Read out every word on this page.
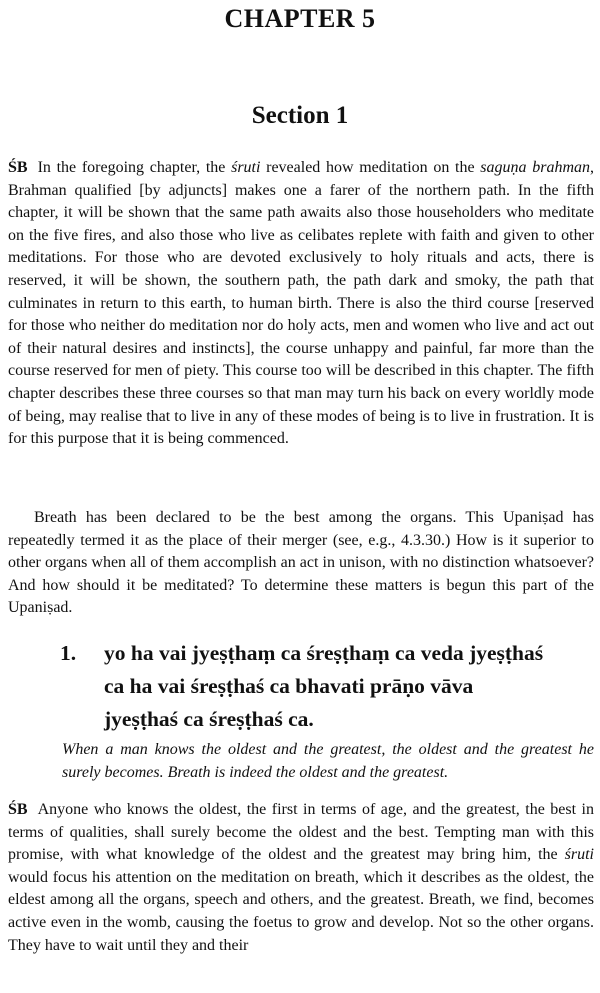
CHAPTER 5
Section 1

ŚB In the foregoing chapter, the śruti revealed how meditation on the saguṇa brahman, Brahman qualified [by adjuncts] makes one a farer of the northern path. In the fifth chapter, it will be shown that the same path awaits also those householders who meditate on the five fires, and also those who live as celibates replete with faith and given to other meditations. For those who are devoted exclusively to holy rituals and acts, there is reserved, it will be shown, the southern path, the path dark and smoky, the path that culminates in return to this earth, to human birth. There is also the third course [reserved for those who neither do meditation nor do holy acts, men and women who live and act out of their natural desires and instincts], the course unhappy and painful, far more than the course reserved for men of piety. This course too will be described in this chapter. The fifth chapter describes these three courses so that man may turn his back on every worldly mode of being, may realise that to live in any of these modes of being is to live in frustration. It is for this purpose that it is being commenced.

Breath has been declared to be the best among the organs. This Upaniṣad has repeatedly termed it as the place of their merger (see, e.g., 4.3.30.) How is it superior to other organs when all of them accomplish an act in unison, with no distinction whatsoever? And how should it be meditated? To determine these matters is begun this part of the Upaniṣad.

1.	yo ha vai jyeṣṭhaṃ ca śreṣṭhaṃ ca veda jyeṣṭhaś
ca ha vai śreṣṭhaś ca bhavati prāṇo vāva
jyeṣṭhaś ca śreṣṭhaś ca.

When a man knows the oldest and the greatest, the oldest and the greatest he surely becomes. Breath is indeed the oldest and the greatest.

ŚB Anyone who knows the oldest, the first in terms of age, and the greatest, the best in terms of qualities, shall surely become the oldest and the best. Tempting man with this promise, with what knowledge of the oldest and the greatest may bring him, the śruti would focus his attention on the meditation on breath, which it describes as the oldest, the eldest among all the organs, speech and others, and the greatest. Breath, we find, becomes active even in the womb, causing the foetus to grow and develop. Not so the other organs. They have to wait until they and their
